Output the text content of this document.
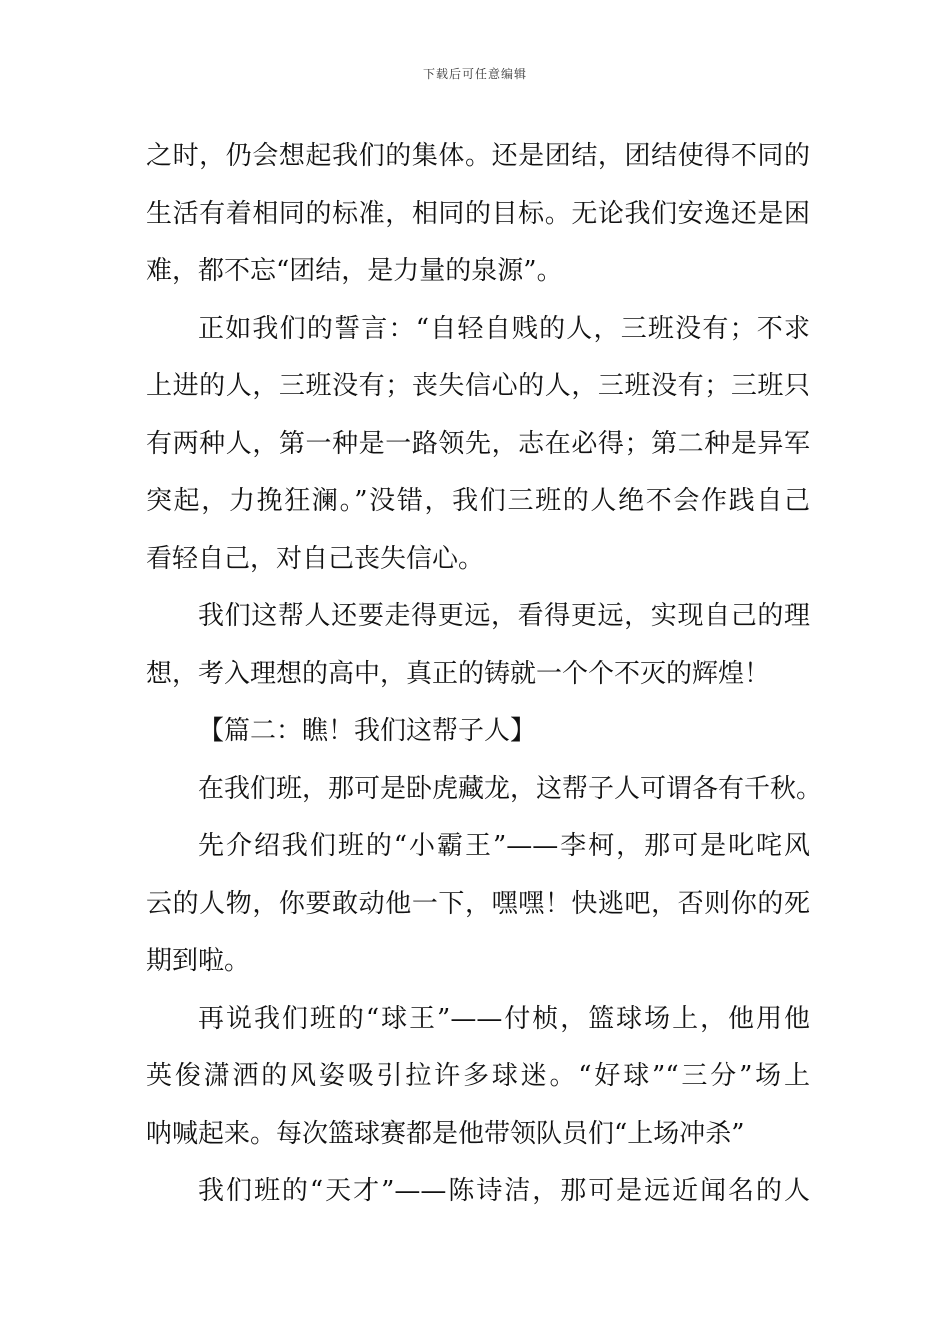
下载后可任意编辑
之时，仍会想起我们的集体。还是团结，团结使得不同的
生活有着相同的标准，相同的目标。无论我们安逸还是困
难，都不忘“团结，是力量的泉源”。
正如我们的誓言：“自轻自贱的人，三班没有；不求
上进的人，三班没有；丧失信心的人，三班没有；三班只
有两种人，第一种是一路领先，志在必得；第二种是异军
突起，力挽狂澜。”没错，我们三班的人绝不会作践自己
看轻自己，对自己丧失信心。
我们这帮人还要走得更远，看得更远，实现自己的理
想，考入理想的高中，真正的铸就一个个不灭的辉煌！
【篇二：瞧！我们这帮子人】
在我们班，那可是卧虎藏龙，这帮子人可谓各有千秋。
先介绍我们班的“小霸王”——李柯，那可是叱咤风
云的人物，你要敢动他一下，嘿嘿！快逃吧，否则你的死
期到啦。
再说我们班的“球王”——付桢，篮球场上，他用他
英俊潇洒的风姿吸引拉许多球迷。“好球”“三分”场上
呐喊起来。每次篮球赛都是他带领队员们“上场冲杀”
我们班的“天才”——陈诗洁，那可是远近闻名的人
